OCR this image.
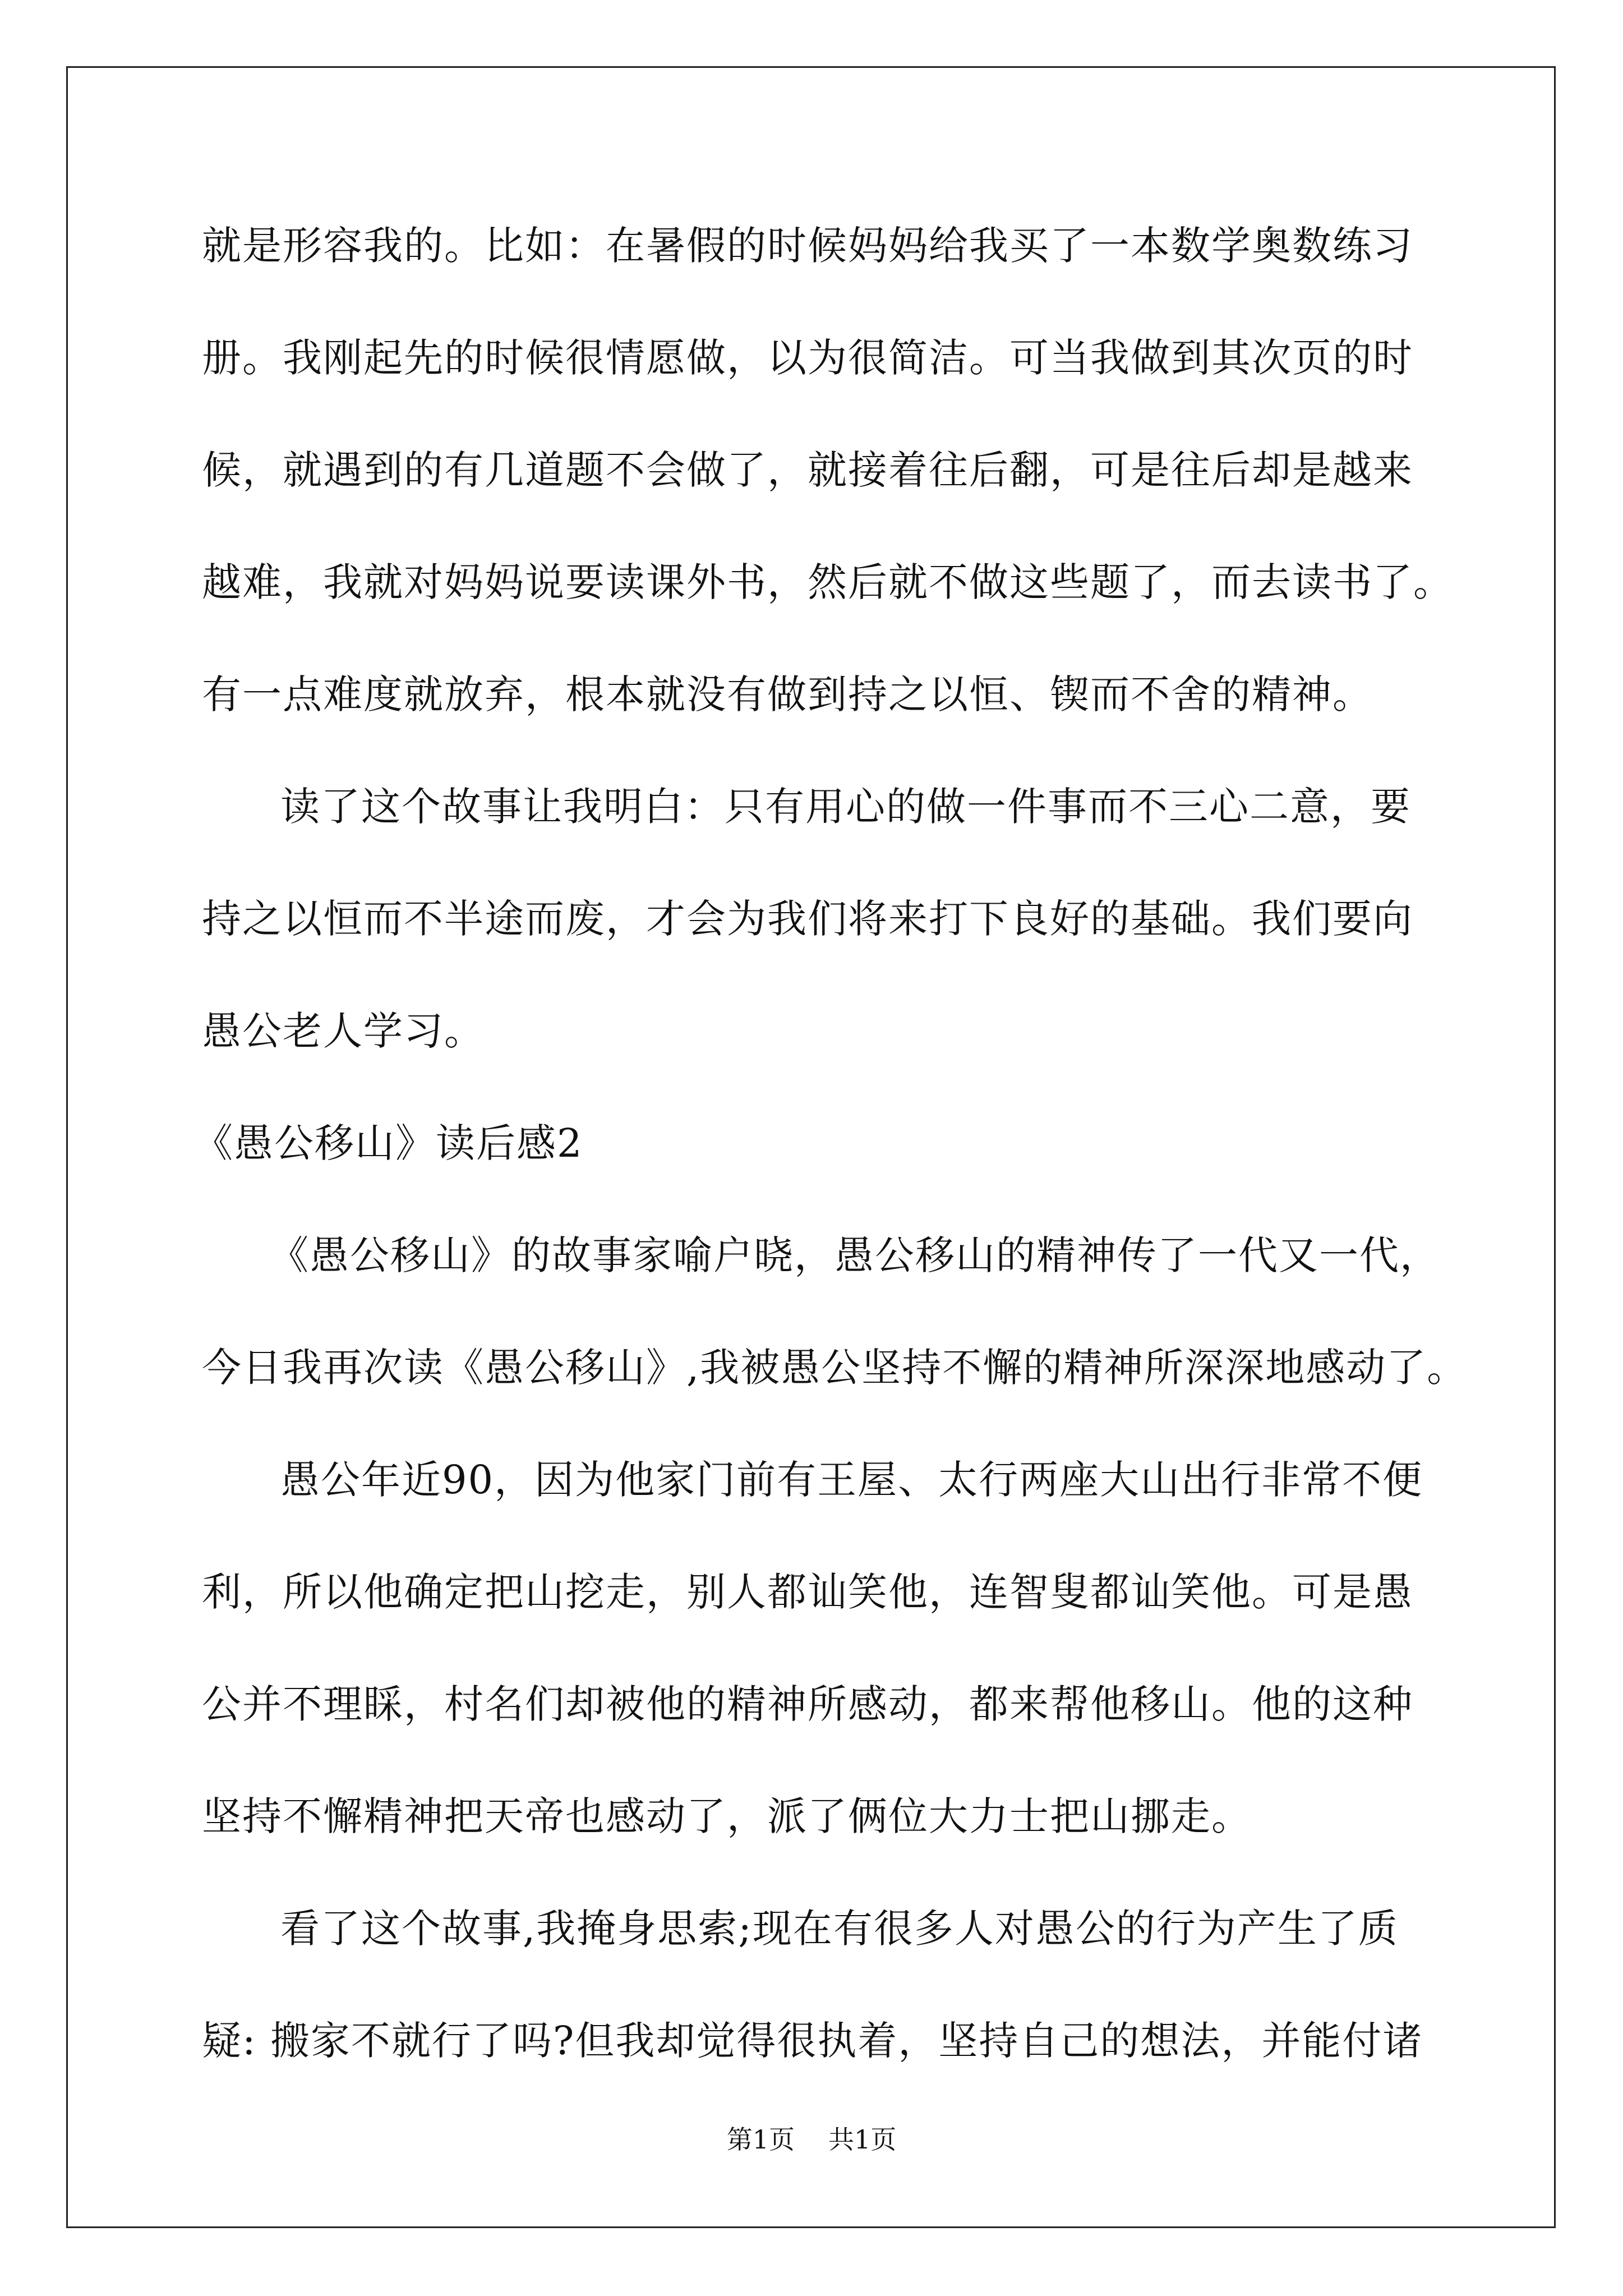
就是形容我的。比如：在暑假的时候妈妈给我买了一本数学奥数练习
册。我刚起先的时候很情愿做，以为很简洁。可当我做到其次页的时
候，就遇到的有几道题不会做了，就接着往后翻，可是往后却是越来
越难，我就对妈妈说要读课外书，然后就不做这些题了，而去读书了。
有一点难度就放弃，根本就没有做到持之以恒、锲而不舍的精神。
读了这个故事让我明白：只有用心的做一件事而不三心二意，要
持之以恒而不半途而废，才会为我们将来打下良好的基础。我们要向
愚公老人学习。
《愚公移山》读后感2
《愚公移山》的故事家喻户晓，愚公移山的精神传了一代又一代，
今日我再次读《愚公移山》,我被愚公坚持不懈的精神所深深地感动了。
愚公年近90，因为他家门前有王屋、太行两座大山出行非常不便
利，所以他确定把山挖走，别人都讪笑他，连智叟都讪笑他。可是愚
公并不理睬，村名们却被他的精神所感动，都来帮他移山。他的这种
坚持不懈精神把天帝也感动了，派了俩位大力士把山挪走。
看了这个故事,我掩身思索;现在有很多人对愚公的行为产生了质
疑: 搬家不就行了吗?但我却觉得很执着，坚持自己的想法，并能付诸
第1页 共1页
